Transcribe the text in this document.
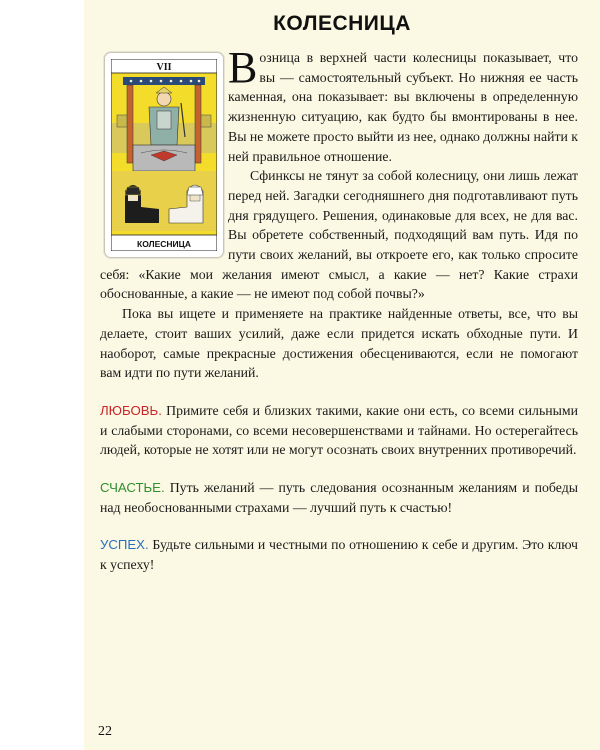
КОЛЕСНИЦА
VII
КОЛЕСНИЦА

Возница в верхней части колесницы показывает, что вы — самостоятельный субъект. Но нижняя ее часть каменная, она показывает: вы включены в определенную жизненную ситуацию, как будто бы вмонтированы в нее. Вы не можете просто выйти из нее, однако должны найти к ней правильное отношение.

Сфинксы не тянут за собой колесницу, они лишь лежат перед ней. Загадки сегодняшнего дня подготавливают путь дня грядущего. Решения, одинаковые для всех, не для вас. Вы обретете собственный, подходящий вам путь. Идя по пути своих желаний, вы откроете его, как только спросите себя: «Какие мои желания имеют смысл, а какие — нет? Какие страхи обоснованные, а какие — не имеют под собой почвы?»

Пока вы ищете и применяете на практике найденные ответы, все, что вы делаете, стоит ваших усилий, даже если придется искать обходные пути. И наоборот, самые прекрасные достижения обесцениваются, если не помогают вам идти по пути желаний.

ЛЮБОВЬ. Примите себя и близких такими, какие они есть, со всеми сильными и слабыми сторонами, со всеми несовершенствами и тайнами. Но остерегайтесь людей, которые не хотят или не могут осознать своих внутренних противоречий.

СЧАСТЬЕ. Путь желаний — путь следования осознанным желаниям и победы над необоснованными страхами — лучший путь к счастью!

УСПЕХ. Будьте сильными и честными по отношению к себе и другим. Это ключ к успеху!

22
